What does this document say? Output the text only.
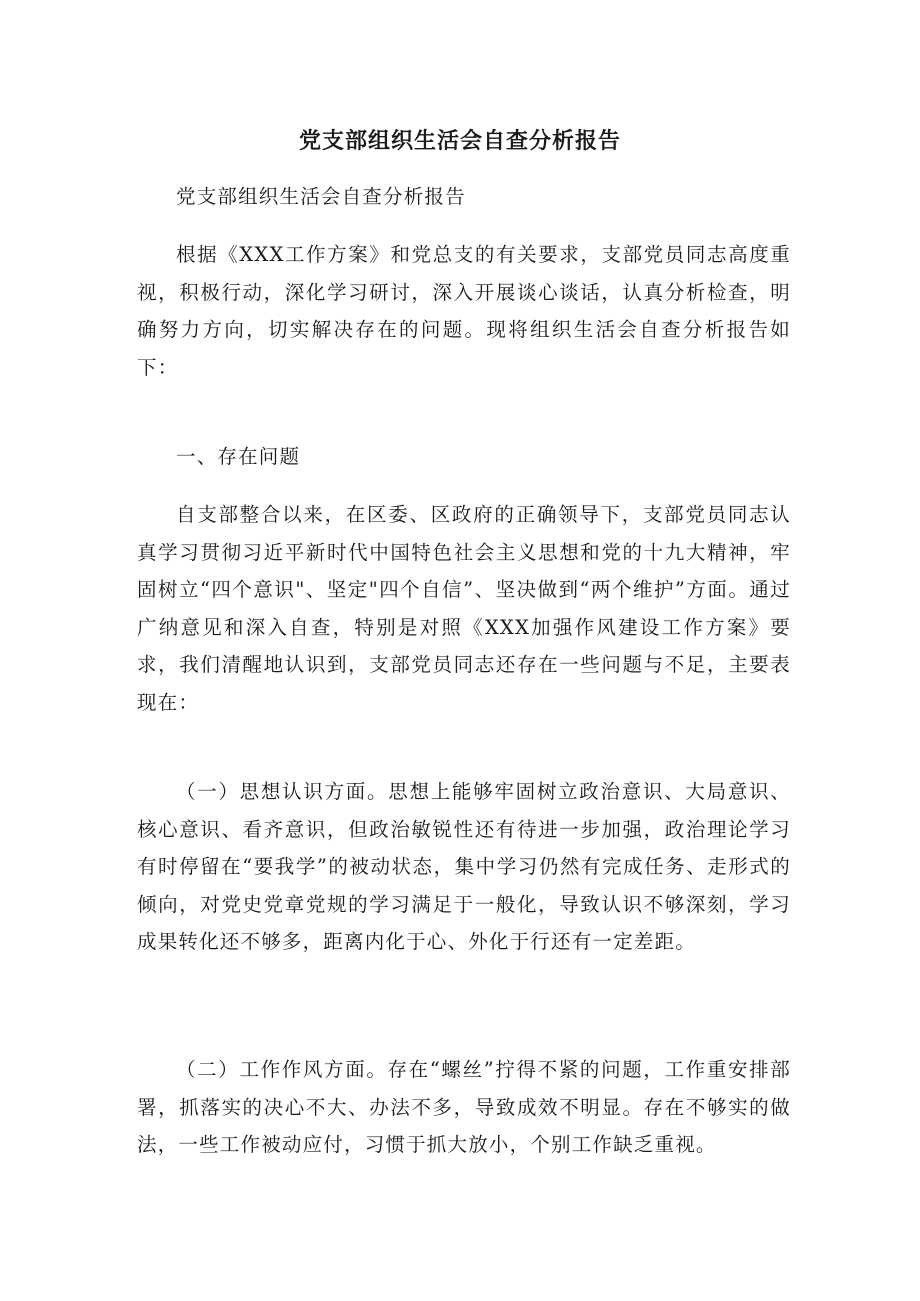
党支部组织生活会自查分析报告

党支部组织生活会自查分析报告

根据《XXX工作方案》和党总支的有关要求，支部党员同志高度重视，积极行动，深化学习研讨，深入开展谈心谈话，认真分析检查，明确努力方向，切实解决存在的问题。现将组织生活会自查分析报告如下：

一、存在问题

自支部整合以来，在区委、区政府的正确领导下，支部党员同志认真学习贯彻习近平新时代中国特色社会主义思想和党的十九大精神，牢固树立“四个意识"、坚定"四个自信”、坚决做到“两个维护”方面。通过广纳意见和深入自查，特别是对照《XXX加强作风建设工作方案》要求，我们清醒地认识到，支部党员同志还存在一些问题与不足，主要表现在：

（一）思想认识方面。思想上能够牢固树立政治意识、大局意识、核心意识、看齐意识，但政治敏锐性还有待进一步加强，政治理论学习有时停留在“要我学”的被动状态，集中学习仍然有完成任务、走形式的倾向，对党史党章党规的学习满足于一般化，导致认识不够深刻，学习成果转化还不够多，距离内化于心、外化于行还有一定差距。

（二）工作作风方面。存在“螺丝”拧得不紧的问题，工作重安排部署，抓落实的决心不大、办法不多，导致成效不明显。存在不够实的做法，一些工作被动应付，习惯于抓大放小，个别工作缺乏重视。
